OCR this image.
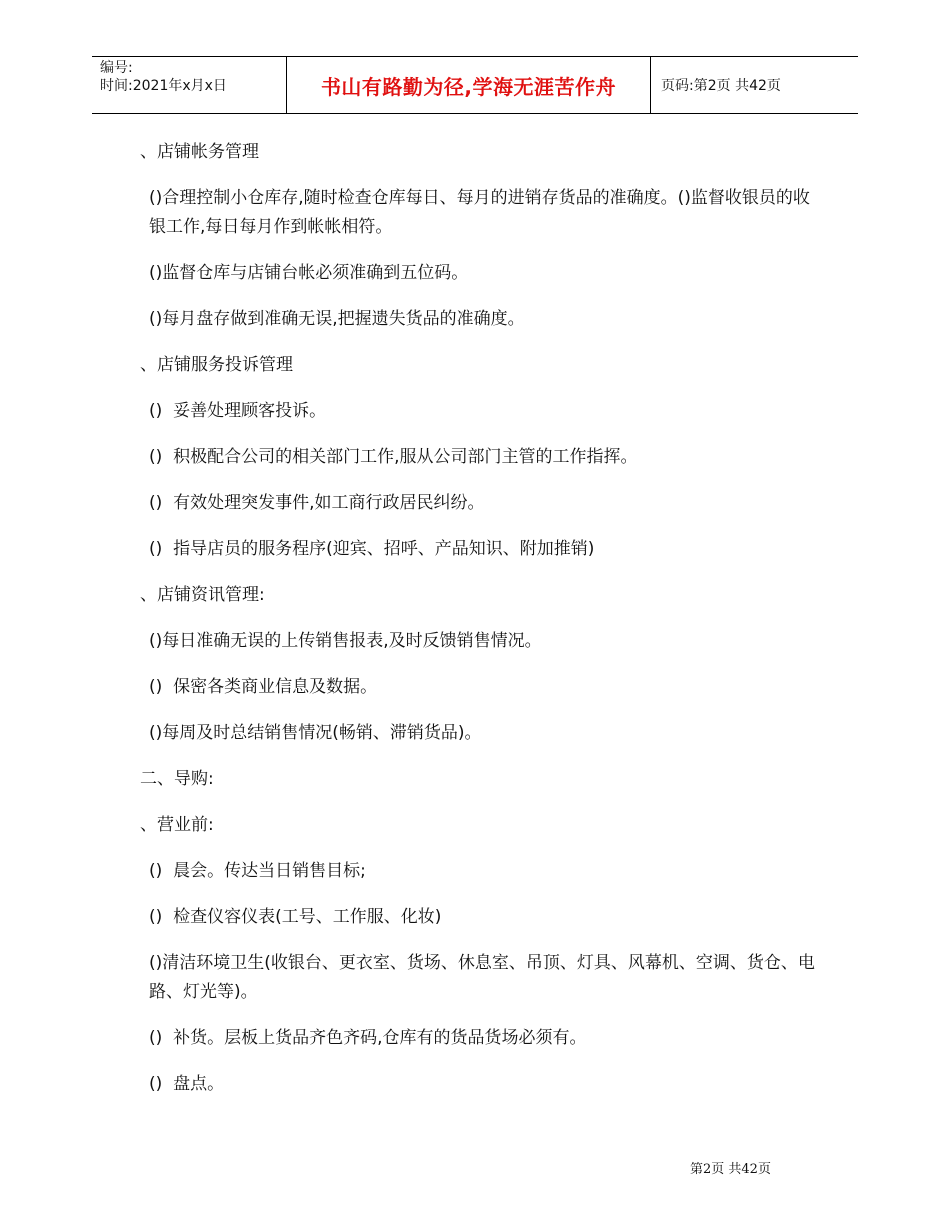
编号:
时间:2021年x月x日	书山有路勤为径,学海无涯苦作舟	页码:第2页 共42页

、店铺帐务管理

()合理控制小仓库存,随时检查仓库每日、每月的进销存货品的准确度。()监督收银员的收银工作,每日每月作到帐帐相符。

()监督仓库与店铺台帐必须准确到五位码。

()每月盘存做到准确无误,把握遗失货品的准确度。

、店铺服务投诉管理

()  妥善处理顾客投诉。

()  积极配合公司的相关部门工作,服从公司部门主管的工作指挥。

()  有效处理突发事件,如工商行政居民纠纷。

()  指导店员的服务程序(迎宾、招呼、产品知识、附加推销)

、店铺资讯管理:

()每日准确无误的上传销售报表,及时反馈销售情况。

()  保密各类商业信息及数据。

()每周及时总结销售情况(畅销、滞销货品)。

二、导购:

、营业前:

()  晨会。传达当日销售目标;

()  检查仪容仪表(工号、工作服、化妆)

()清洁环境卫生(收银台、更衣室、货场、休息室、吊顶、灯具、风幕机、空调、货仓、电路、灯光等)。

()  补货。层板上货品齐色齐码,仓库有的货品货场必须有。

()  盘点。

第2页 共42页
